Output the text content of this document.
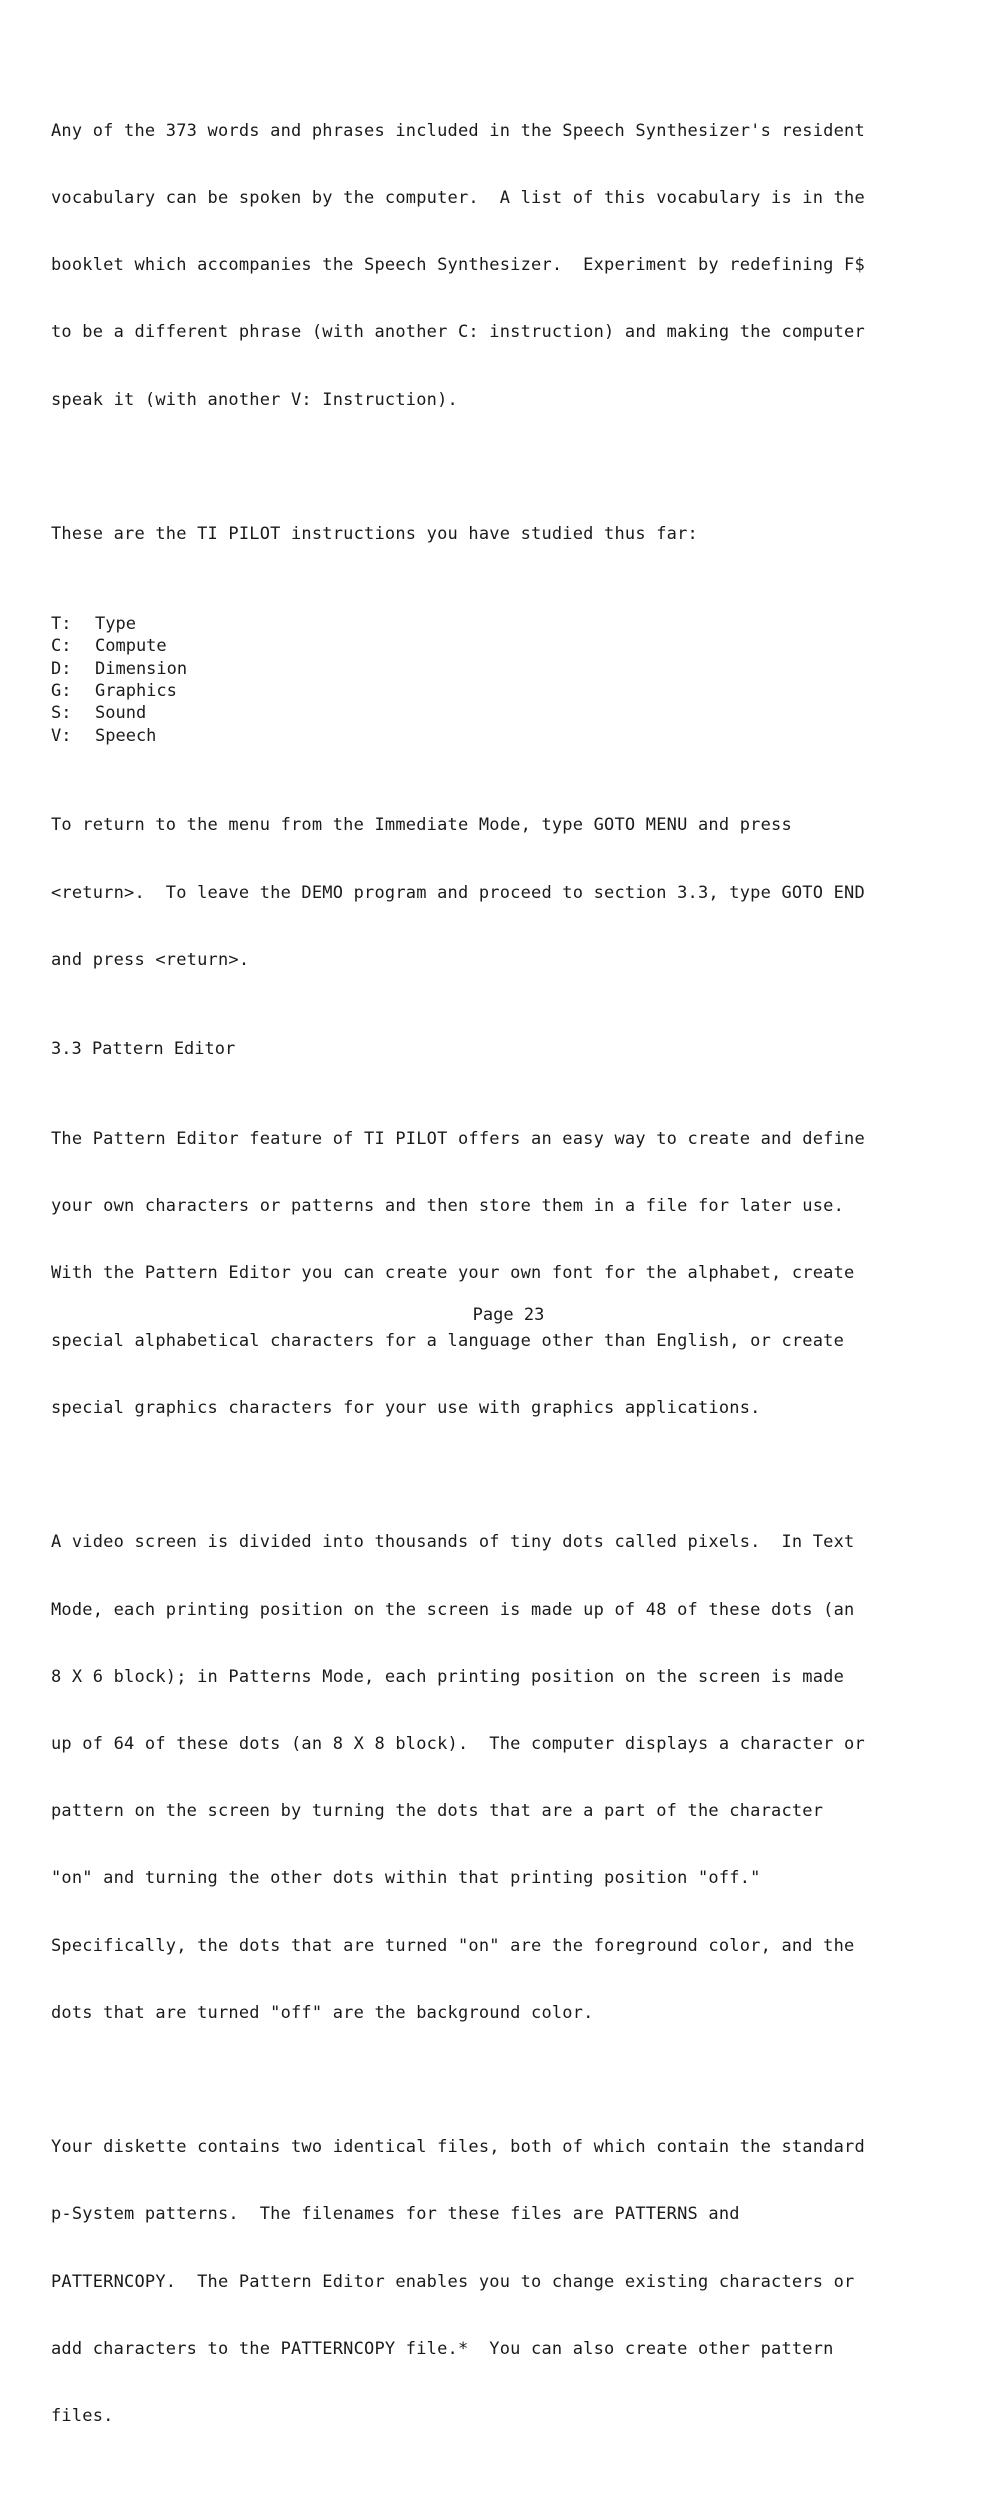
Any of the 373 words and phrases included in the Speech Synthesizer's resident

vocabulary can be spoken by the computer.  A list of this vocabulary is in the

booklet which accompanies the Speech Synthesizer.  Experiment by redefining F$

to be a different phrase (with another C: instruction) and making the computer

speak it (with another V: Instruction).

These are the TI PILOT instructions you have studied thus far:

T: Type
C: Compute
D: Dimension
G: Graphics
S: Sound
V: Speech

To return to the menu from the Immediate Mode, type GOTO MENU and press

<return>.  To leave the DEMO program and proceed to section 3.3, type GOTO END

and press <return>.

3.3 Pattern Editor

The Pattern Editor feature of TI PILOT offers an easy way to create and define

your own characters or patterns and then store them in a file for later use.

With the Pattern Editor you can create your own font for the alphabet, create

special alphabetical characters for a language other than English, or create

special graphics characters for your use with graphics applications.

A video screen is divided into thousands of tiny dots called pixels.  In Text

Mode, each printing position on the screen is made up of 48 of these dots (an

8 X 6 block); in Patterns Mode, each printing position on the screen is made

up of 64 of these dots (an 8 X 8 block).  The computer displays a character or

pattern on the screen by turning the dots that are a part of the character

"on" and turning the other dots within that printing position "off."

Specifically, the dots that are turned "on" are the foreground color, and the

dots that are turned "off" are the background color.

Your diskette contains two identical files, both of which contain the standard

p-System patterns.  The filenames for these files are PATTERNS and

PATTERNCOPY.  The Pattern Editor enables you to change existing characters or

add characters to the PATTERNCOPY file.*  You can also create other pattern

files.

Page 23
